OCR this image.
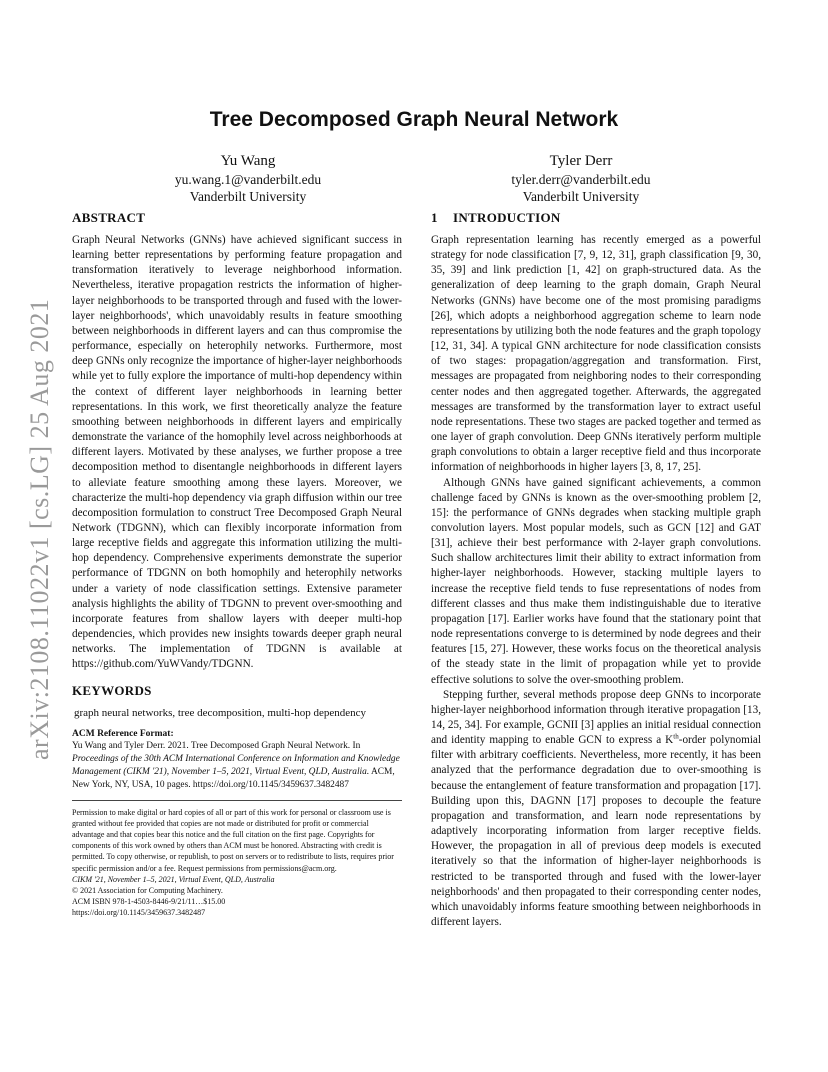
arXiv:2108.11022v1 [cs.LG] 25 Aug 2021
Tree Decomposed Graph Neural Network
Yu Wang
yu.wang.1@vanderbilt.edu
Vanderbilt University
Tyler Derr
tyler.derr@vanderbilt.edu
Vanderbilt University
ABSTRACT

Graph Neural Networks (GNNs) have achieved significant success in learning better representations by performing feature propagation and transformation iteratively to leverage neighborhood information. Nevertheless, iterative propagation restricts the information of higher-layer neighborhoods to be transported through and fused with the lower-layer neighborhoods', which unavoidably results in feature smoothing between neighborhoods in different layers and can thus compromise the performance, especially on heterophily networks. Furthermore, most deep GNNs only recognize the importance of higher-layer neighborhoods while yet to fully explore the importance of multi-hop dependency within the context of different layer neighborhoods in learning better representations. In this work, we first theoretically analyze the feature smoothing between neighborhoods in different layers and empirically demonstrate the variance of the homophily level across neighborhoods at different layers. Motivated by these analyses, we further propose a tree decomposition method to disentangle neighborhoods in different layers to alleviate feature smoothing among these layers. Moreover, we characterize the multi-hop dependency via graph diffusion within our tree decomposition formulation to construct Tree Decomposed Graph Neural Network (TDGNN), which can flexibly incorporate information from large receptive fields and aggregate this information utilizing the multi-hop dependency. Comprehensive experiments demonstrate the superior performance of TDGNN on both homophily and heterophily networks under a variety of node classification settings. Extensive parameter analysis highlights the ability of TDGNN to prevent over-smoothing and incorporate features from shallow layers with deeper multi-hop dependencies, which provides new insights towards deeper graph neural networks. The implementation of TDGNN is available at https://github.com/YuWVandy/TDGNN.

KEYWORDS

graph neural networks, tree decomposition, multi-hop dependency

ACM Reference Format:

Yu Wang and Tyler Derr. 2021. Tree Decomposed Graph Neural Network. In Proceedings of the 30th ACM International Conference on Information and Knowledge Management (CIKM '21), November 1–5, 2021, Virtual Event, QLD, Australia. ACM, New York, NY, USA, 10 pages. https://doi.org/10.1145/3459637.3482487

Permission to make digital or hard copies of all or part of this work for personal or classroom use is granted without fee provided that copies are not made or distributed for profit or commercial advantage and that copies bear this notice and the full citation on the first page. Copyrights for components of this work owned by others than ACM must be honored. Abstracting with credit is permitted. To copy otherwise, or republish, to post on servers or to redistribute to lists, requires prior specific permission and/or a fee. Request permissions from permissions@acm.org.

CIKM '21, November 1–5, 2021, Virtual Event, QLD, Australia

© 2021 Association for Computing Machinery.

ACM ISBN 978-1-4503-8446-9/21/11…$15.00

https://doi.org/10.1145/3459637.3482487

1 INTRODUCTION

Graph representation learning has recently emerged as a powerful strategy for node classification [7, 9, 12, 31], graph classification [9, 30, 35, 39] and link prediction [1, 42] on graph-structured data. As the generalization of deep learning to the graph domain, Graph Neural Networks (GNNs) have become one of the most promising paradigms [26], which adopts a neighborhood aggregation scheme to learn node representations by utilizing both the node features and the graph topology [12, 31, 34]. A typical GNN architecture for node classification consists of two stages: propagation/aggregation and transformation. First, messages are propagated from neighboring nodes to their corresponding center nodes and then aggregated together. Afterwards, the aggregated messages are transformed by the transformation layer to extract useful node representations. These two stages are packed together and termed as one layer of graph convolution. Deep GNNs iteratively perform multiple graph convolutions to obtain a larger receptive field and thus incorporate information of neighborhoods in higher layers [3, 8, 17, 25].

Although GNNs have gained significant achievements, a common challenge faced by GNNs is known as the over-smoothing problem [2, 15]: the performance of GNNs degrades when stacking multiple graph convolution layers. Most popular models, such as GCN [12] and GAT [31], achieve their best performance with 2-layer graph convolutions. Such shallow architectures limit their ability to extract information from higher-layer neighborhoods. However, stacking multiple layers to increase the receptive field tends to fuse representations of nodes from different classes and thus make them indistinguishable due to iterative propagation [17]. Earlier works have found that the stationary point that node representations converge to is determined by node degrees and their features [15, 27]. However, these works focus on the theoretical analysis of the steady state in the limit of propagation while yet to provide effective solutions to solve the over-smoothing problem.

Stepping further, several methods propose deep GNNs to incorporate higher-layer neighborhood information through iterative propagation [13, 14, 25, 34]. For example, GCNII [3] applies an initial residual connection and identity mapping to enable GCN to express a $K^{th}$-order polynomial filter with arbitrary coefficients. Nevertheless, more recently, it has been analyzed that the performance degradation due to over-smoothing is because the entanglement of feature transformation and propagation [17]. Building upon this, DAGNN [17] proposes to decouple the feature propagation and transformation, and learn node representations by adaptively incorporating information from larger receptive fields. However, the propagation in all of previous deep models is executed iteratively so that the information of higher-layer neighborhoods is restricted to be transported through and fused with the lower-layer neighborhoods' and then propagated to their corresponding center nodes, which unavoidably informs feature smoothing between neighborhoods in different layers.
